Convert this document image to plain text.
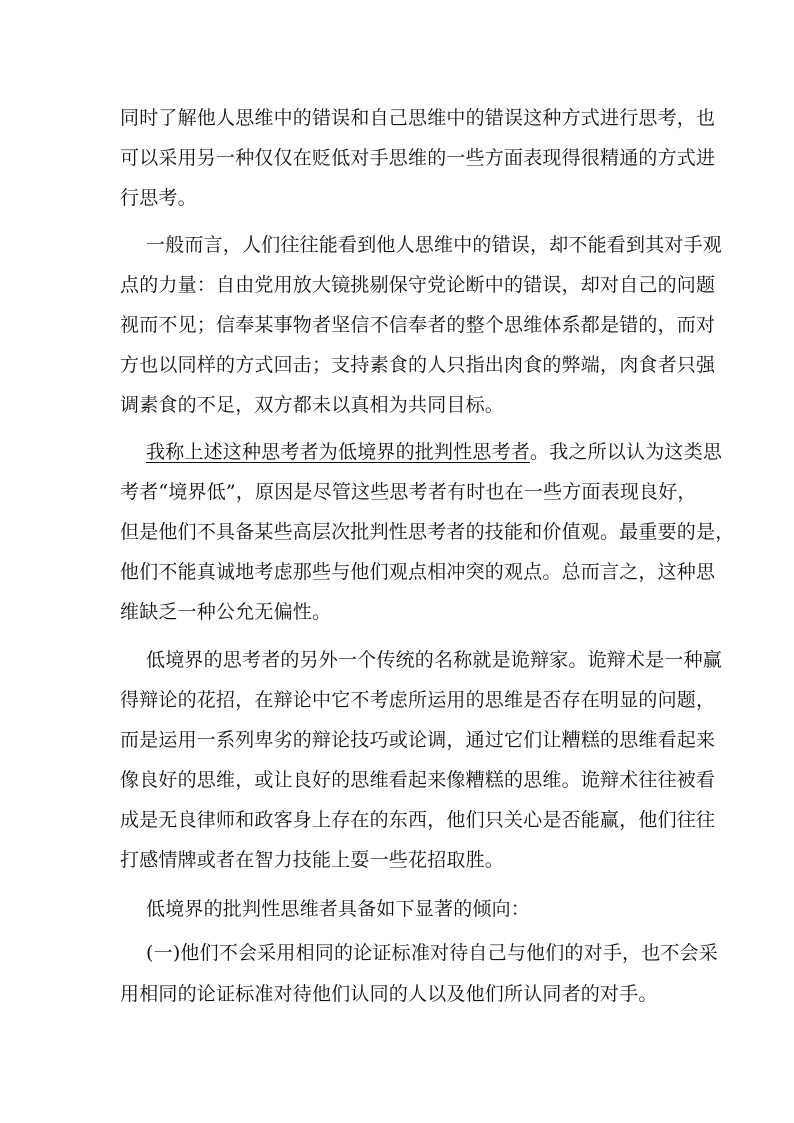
同时了解他人思维中的错误和自己思维中的错误这种方式进行思考，也
可以采用另一种仅仅在贬低对手思维的一些方面表现得很精通的方式进
行思考。
一般而言，人们往往能看到他人思维中的错误，却不能看到其对手观
点的力量：自由党用放大镜挑剔保守党论断中的错误，却对自己的问题
视而不见；信奉某事物者坚信不信奉者的整个思维体系都是错的，而对
方也以同样的方式回击；支持素食的人只指出肉食的弊端，肉食者只强
调素食的不足，双方都未以真相为共同目标。
我称上述这种思考者为低境界的批判性思考者。我之所以认为这类思
考者“境界低”，原因是尽管这些思考者有时也在一些方面表现良好，
但是他们不具备某些高层次批判性思考者的技能和价值观。最重要的是，
他们不能真诚地考虑那些与他们观点相冲突的观点。总而言之，这种思
维缺乏一种公允无偏性。
低境界的思考者的另外一个传统的名称就是诡辩家。诡辩术是一种赢
得辩论的花招，在辩论中它不考虑所运用的思维是否存在明显的问题，
而是运用一系列卑劣的辩论技巧或论调，通过它们让糟糕的思维看起来
像良好的思维，或让良好的思维看起来像糟糕的思维。诡辩术往往被看
成是无良律师和政客身上存在的东西，他们只关心是否能赢，他们往往
打感情牌或者在智力技能上耍一些花招取胜。
低境界的批判性思维者具备如下显著的倾向：
(一)他们不会采用相同的论证标准对待自己与他们的对手，也不会采
用相同的论证标准对待他们认同的人以及他们所认同者的对手。
